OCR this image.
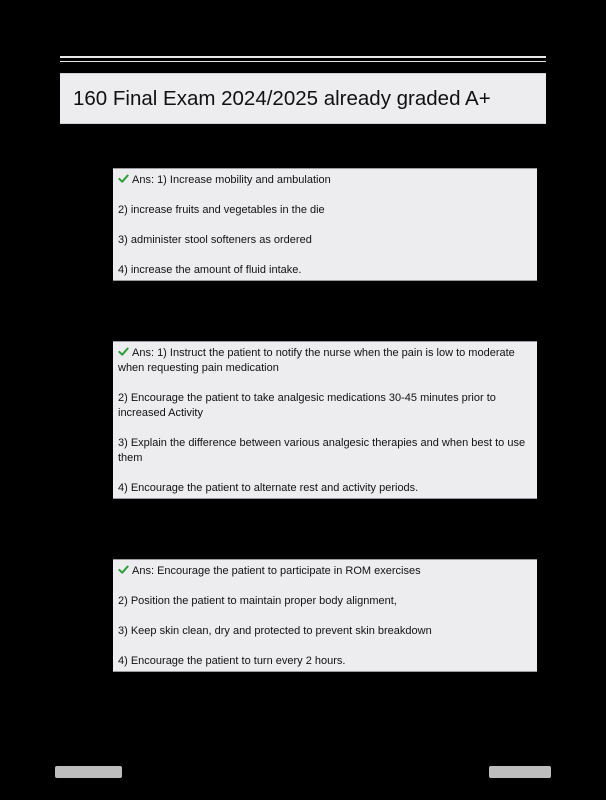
160 Final Exam 2024/2025 already graded A+

Ans: 1) Increase mobility and ambulation

2) increase fruits and vegetables in the die

3) administer stool softeners as ordered

4) increase the amount of fluid intake.

Ans: 1) Instruct the patient to notify the nurse when the pain is low to moderate when requesting pain medication

2) Encourage the patient to take analgesic medications 30-45 minutes prior to increased Activity

3) Explain the difference between various analgesic therapies and when best to use them

4) Encourage the patient to alternate rest and activity periods.

Ans: Encourage the patient to participate in ROM exercises

2) Position the patient to maintain proper body alignment,

3) Keep skin clean, dry and protected to prevent skin breakdown

4) Encourage the patient to turn every 2 hours.
